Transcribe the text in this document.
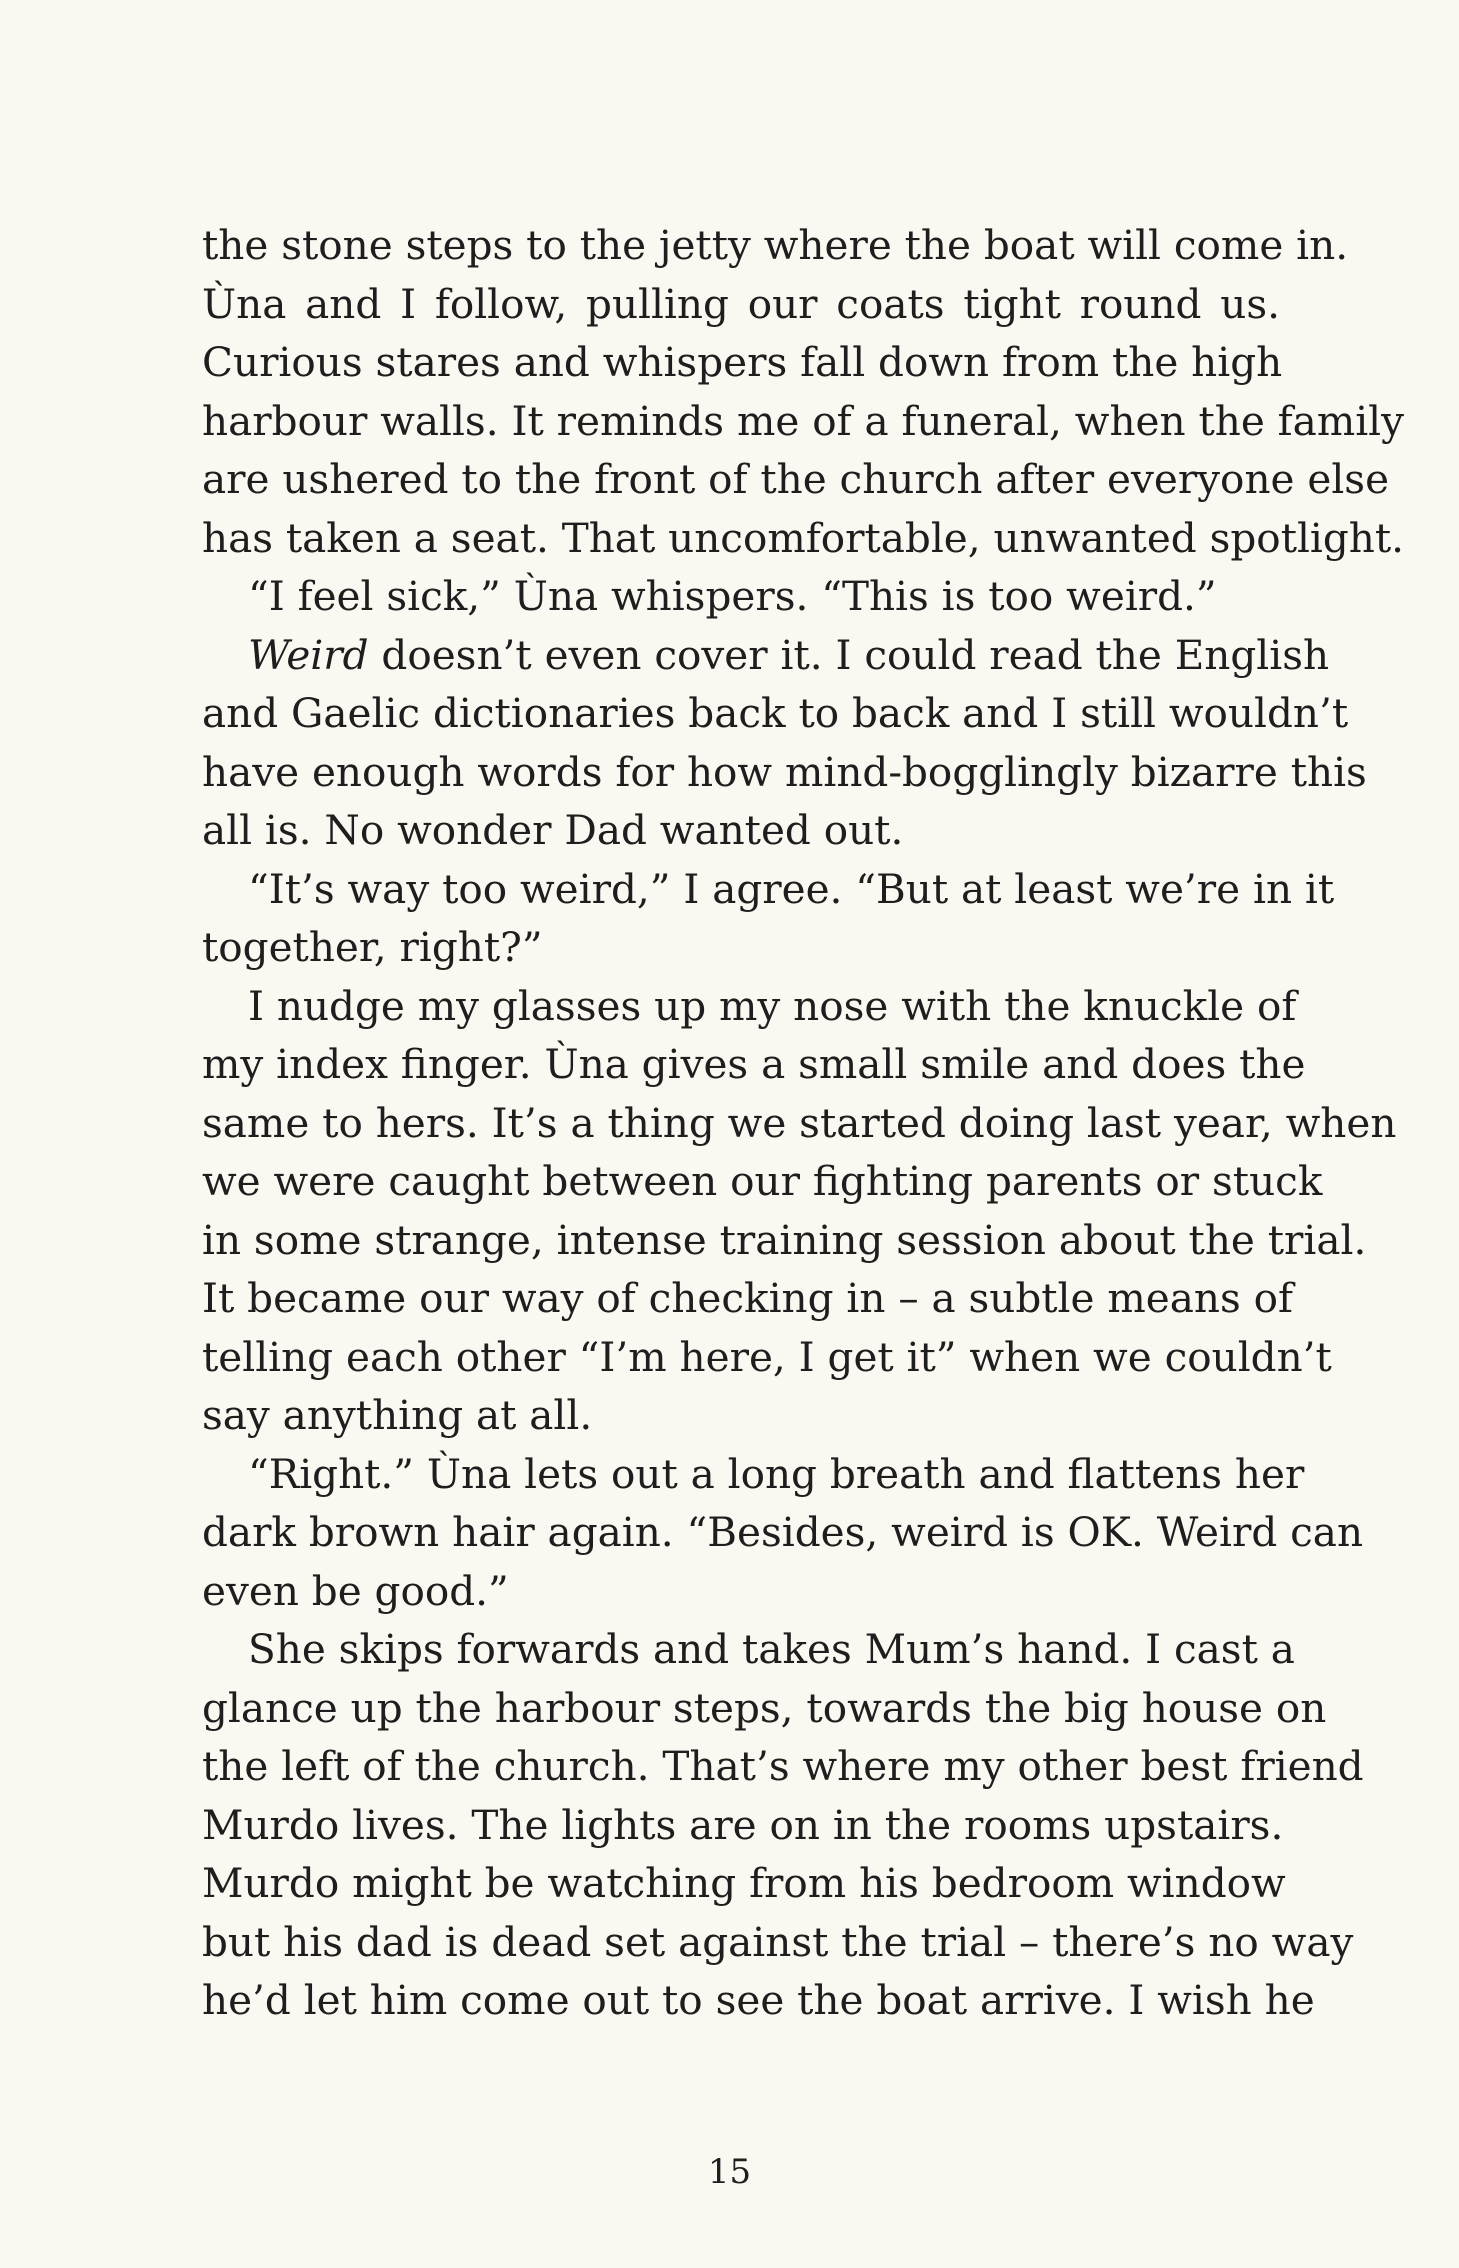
the stone steps to the jetty where the boat will come in.
Ùna and I follow, pulling our coats tight round us.
Curious stares and whispers fall down from the high
harbour walls. It reminds me of a funeral, when the family
are ushered to the front of the church after everyone else
has taken a seat. That uncomfortable, unwanted spotlight.
“I feel sick,” Ùna whispers. “This is too weird.”
Weird doesn’t even cover it. I could read the English
and Gaelic dictionaries back to back and I still wouldn’t
have enough words for how mind-bogglingly bizarre this
all is. No wonder Dad wanted out.
“It’s way too weird,” I agree. “But at least we’re in it
together, right?”
I nudge my glasses up my nose with the knuckle of
my index finger. Ùna gives a small smile and does the
same to hers. It’s a thing we started doing last year, when
we were caught between our fighting parents or stuck
in some strange, intense training session about the trial.
It became our way of checking in – a subtle means of
telling each other “I’m here, I get it” when we couldn’t
say anything at all.
“Right.” Ùna lets out a long breath and flattens her
dark brown hair again. “Besides, weird is OK. Weird can
even be good.”
She skips forwards and takes Mum’s hand. I cast a
glance up the harbour steps, towards the big house on
the left of the church. That’s where my other best friend
Murdo lives. The lights are on in the rooms upstairs.
Murdo might be watching from his bedroom window
but his dad is dead set against the trial – there’s no way
he’d let him come out to see the boat arrive. I wish he
15
